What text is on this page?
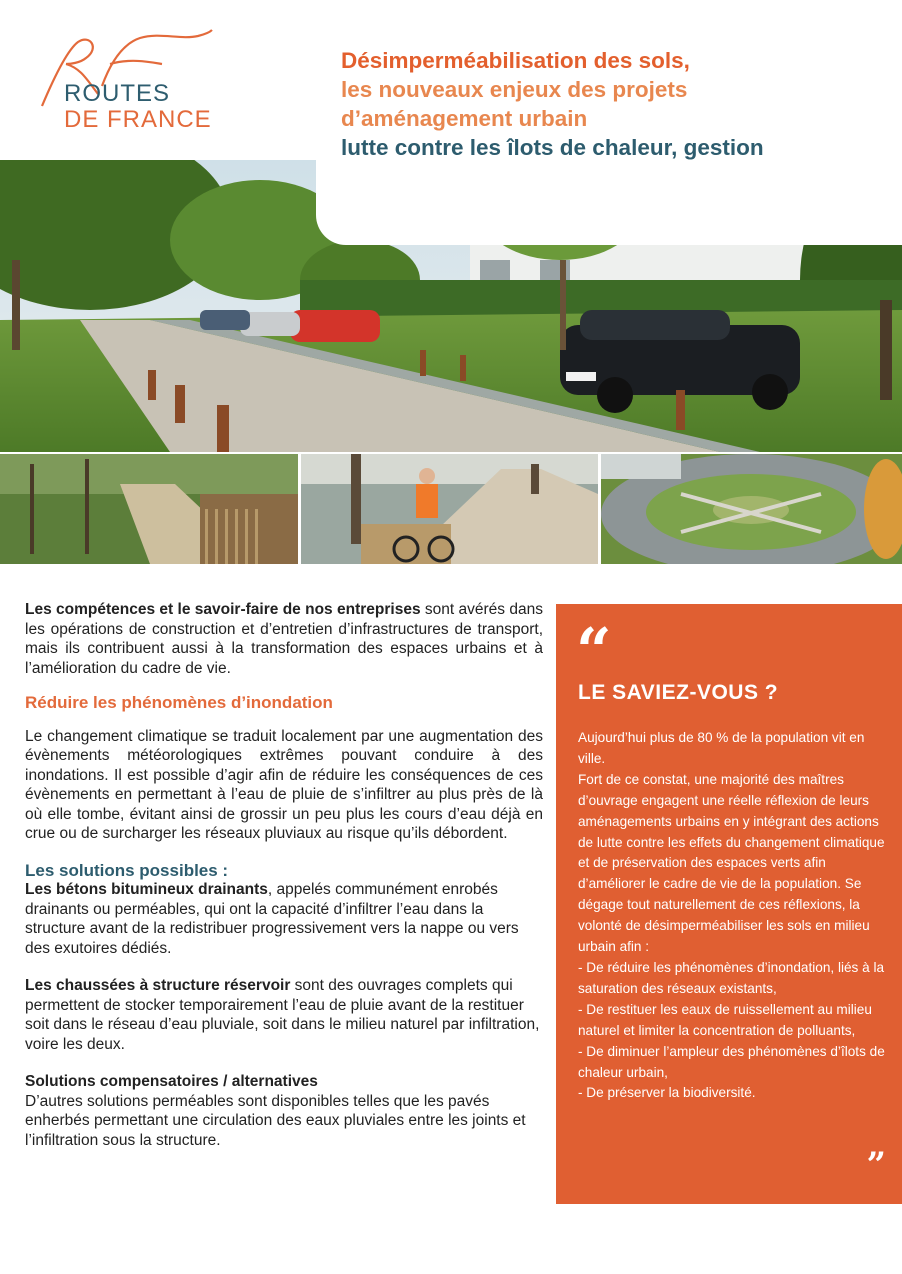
ROUTES
DE FRANCE
Désimperméabilisation des sols,
les nouveaux enjeux des projets
d’aménagement urbain
lutte contre les îlots de chaleur, gestion

Les compétences et le savoir-faire de nos entreprises sont avérés dans les opérations de construction et d’entretien d’infrastructures de transport, mais ils contribuent aussi à la transformation des espaces urbains et à l’amélioration du cadre de vie.

Réduire les phénomènes d’inondation

Le changement climatique se traduit localement par une augmentation des évènements météorologiques extrêmes pouvant conduire à des inondations. Il est possible d’agir afin de réduire les conséquences de ces évènements en permettant à l’eau de pluie de s’infiltrer au plus près de là où elle tombe, évitant ainsi de grossir un peu plus les cours d’eau déjà en crue ou de surcharger les réseaux pluviaux au risque qu’ils débordent.

Les solutions possibles :

Les bétons bitumineux drainants, appelés communément enrobés drainants ou perméables, qui ont la capacité d’infiltrer l’eau dans la structure avant de la redistribuer progressivement vers la nappe ou vers des exutoires dédiés.

Les chaussées à structure réservoir sont des ouvrages complets qui permettent de stocker temporairement l’eau de pluie avant de la restituer soit dans le réseau d’eau pluviale, soit dans le milieu naturel par infiltration, voire les deux.

Solutions compensatoires / alternatives
D’autres solutions perméables sont disponibles telles que les pavés enherbés permettant une circulation des eaux pluviales entre les joints et l’infiltration sous la structure.

“
LE SAVIEZ-VOUS ?

Aujourd’hui plus de 80 % de la population vit en ville.

Fort de ce constat, une majorité des maîtres d’ouvrage engagent une réelle réflexion de leurs aménagements urbains en y intégrant des actions de lutte contre les effets du changement climatique et de préservation des espaces verts afin d’améliorer le cadre de vie de la population. Se dégage tout naturellement de ces réflexions, la volonté de désimperméabiliser les sols en milieu urbain afin :

- De réduire les phénomènes d’inondation, liés à la saturation des réseaux existants,

- De restituer les eaux de ruissellement au milieu naturel et limiter la concentration de polluants,

- De diminuer l’ampleur des phénomènes d’îlots de chaleur urbain,

- De préserver la biodiversité.

”
